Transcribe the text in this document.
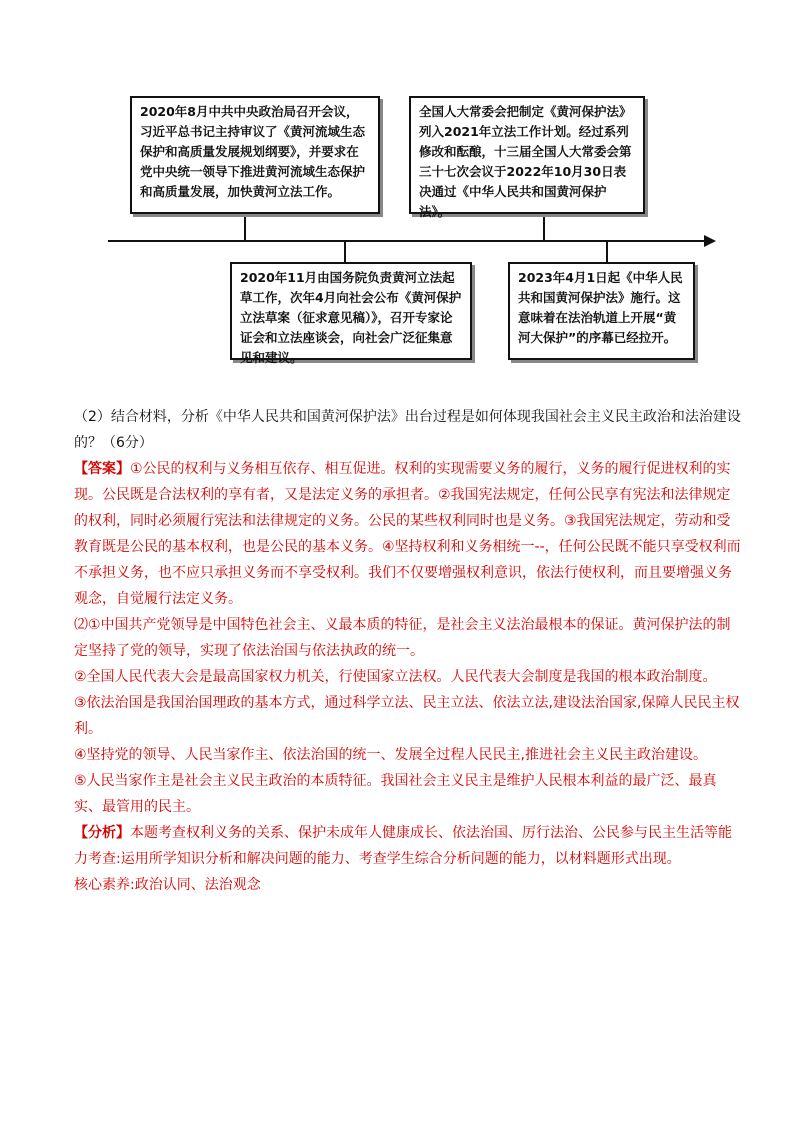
2020年8月中共中央政治局召开会议，习近平总书记主持审议了《黄河流域生态保护和高质量发展规划纲要》，并要求在党中央统一领导下推进黄河流域生态保护和高质量发展，加快黄河立法工作。
全国人大常委会把制定《黄河保护法》列入2021年立法工作计划。经过系列修改和酝酿，十三届全国人大常委会第三十七次会议于2022年10月30日表决通过《中华人民共和国黄河保护法》。
2020年11月由国务院负责黄河立法起草工作，次年4月向社会公布《黄河保护立法草案（征求意见稿）》，召开专家论证会和立法座谈会，向社会广泛征集意见和建议。
2023年4月1日起《中华人民共和国黄河保护法》施行。这意味着在法治轨道上开展“黄河大保护”的序幕已经拉开。
（2）结合材料，分析《中华人民共和国黄河保护法》出台过程是如何体现我国社会主义民主政治和法治建设的？（6分）

【答案】①公民的权利与义务相互依存、相互促进。权利的实现需要义务的履行，义务的履行促进权利的实现。公民既是合法权利的享有者，又是法定义务的承担者。②我国宪法规定，任何公民享有宪法和法律规定的权利，同时必须履行宪法和法律规定的义务。公民的某些权利同时也是义务。③我国宪法规定，劳动和受教育既是公民的基本权利，也是公民的基本义务。④坚持权利和义务相统一--，任何公民既不能只享受权利而不承担义务，也不应只承担义务而不享受权利。我们不仅要增强权利意识，依法行使权利，而且要增强义务观念，自觉履行法定义务。

⑵①中国共产党领导是中国特色社会主、义最本质的特征，是社会主义法治最根本的保证。黄河保护法的制定坚持了党的领导，实现了依法治国与依法执政的统一。

②全国人民代表大会是最高国家权力机关，行使国家立法权。人民代表大会制度是我国的根本政治制度。

③依法治国是我国治国理政的基本方式，通过科学立法、民主立法、依法立法,建设法治国家,保障人民民主权利。

④坚持党的领导、人民当家作主、依法治国的统一、发展全过程人民民主,推进社会主义民主政治建设。

⑤人民当家作主是社会主义民主政治的本质特征。我国社会主义民主是维护人民根本利益的最广泛、最真实、最管用的民主。

【分析】本题考查权利义务的关系、保护未成年人健康成长、依法治国、厉行法治、公民参与民主生活等能力考查:运用所学知识分析和解决问题的能力、考查学生综合分析问题的能力，以材料题形式出现。

核心素养:政治认同、法治观念
